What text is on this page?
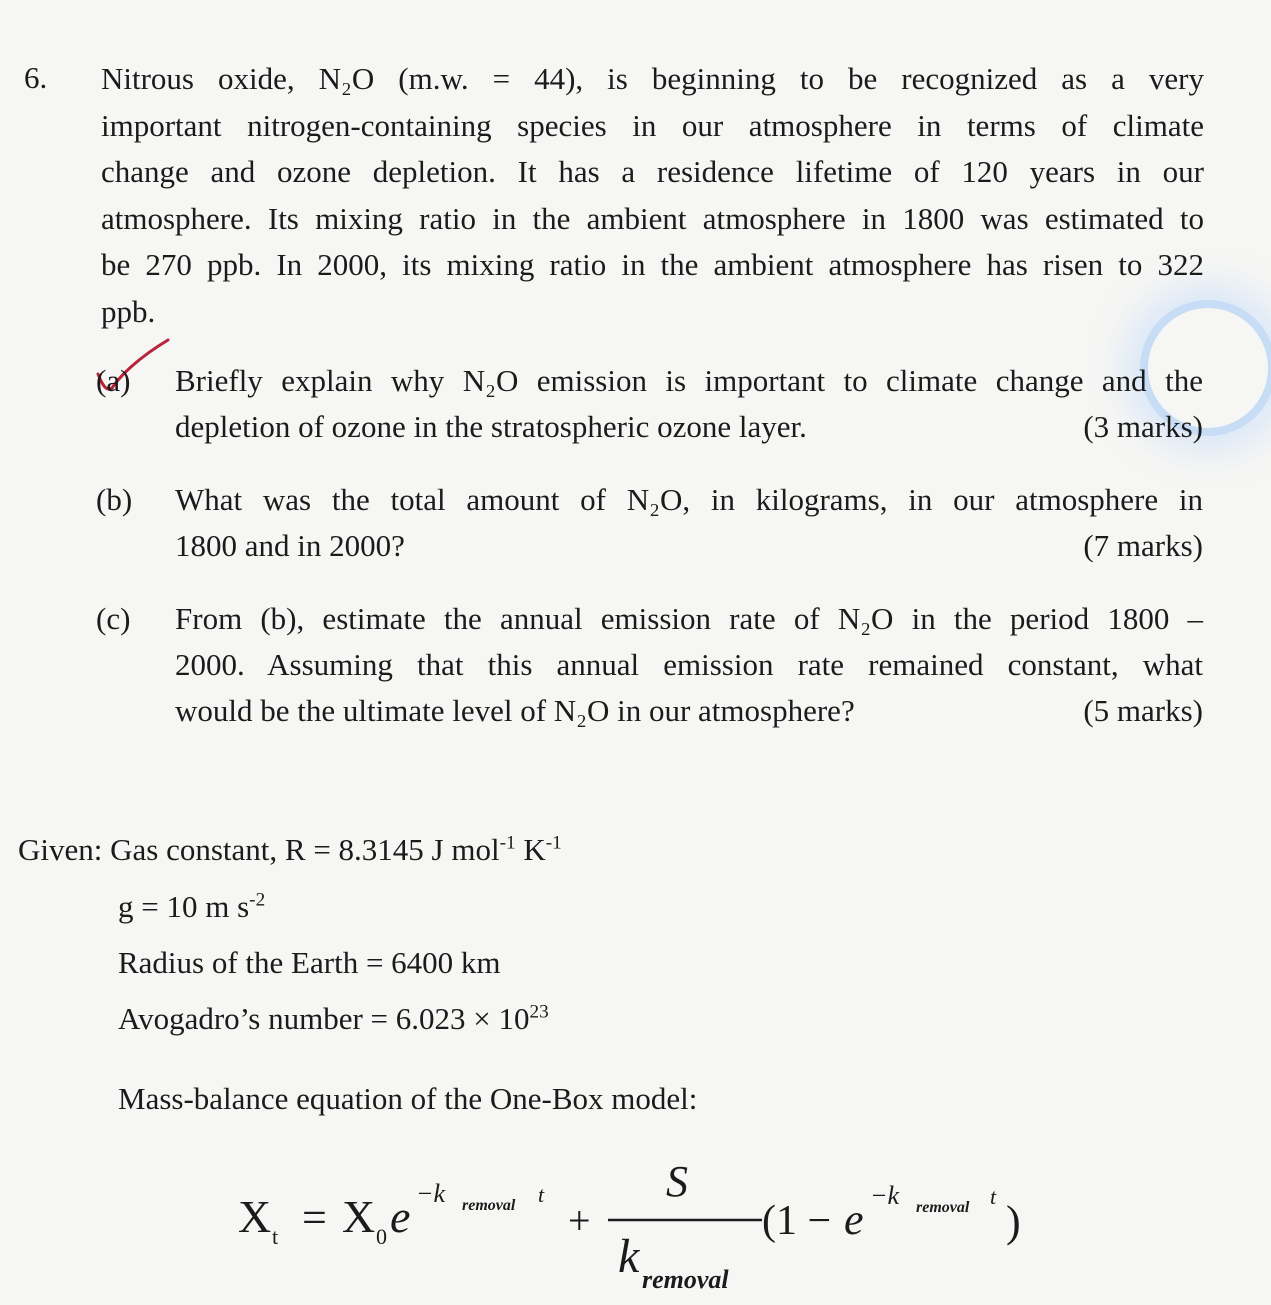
6. Nitrous oxide, N₂O (m.w. = 44), is beginning to be recognized as a very
important nitrogen-containing species in our atmosphere in terms of climate
change and ozone depletion. It has a residence lifetime of 120 years in our
atmosphere. Its mixing ratio in the ambient atmosphere in 1800 was estimated to
be 270 ppb. In 2000, its mixing ratio in the ambient atmosphere has risen to 322
ppb.
(a) Briefly explain why N₂O emission is important to climate change and the
depletion of ozone in the stratospheric ozone layer.	(3 marks)
(b) What was the total amount of N₂O, in kilograms, in our atmosphere in
1800 and in 2000?	(7 marks)
(c) From (b), estimate the annual emission rate of N₂O in the period 1800 –
2000. Assuming that this annual emission rate remained constant, what
would be the ultimate level of N₂O in our atmosphere?	(5 marks)
Given: Gas constant, R = 8.3145 J mol$^{-1}$ $K^{-1}$
g = 10 m $s^{-2}$
Radius of the Earth = 6400 km
Avogadro’s number = $6.023 \times 10^{23}$
Mass-balance equation of the One-Box model:
X t = X 0 e −k removal t
+
S
k removal
(1 − e −k removal t
)
